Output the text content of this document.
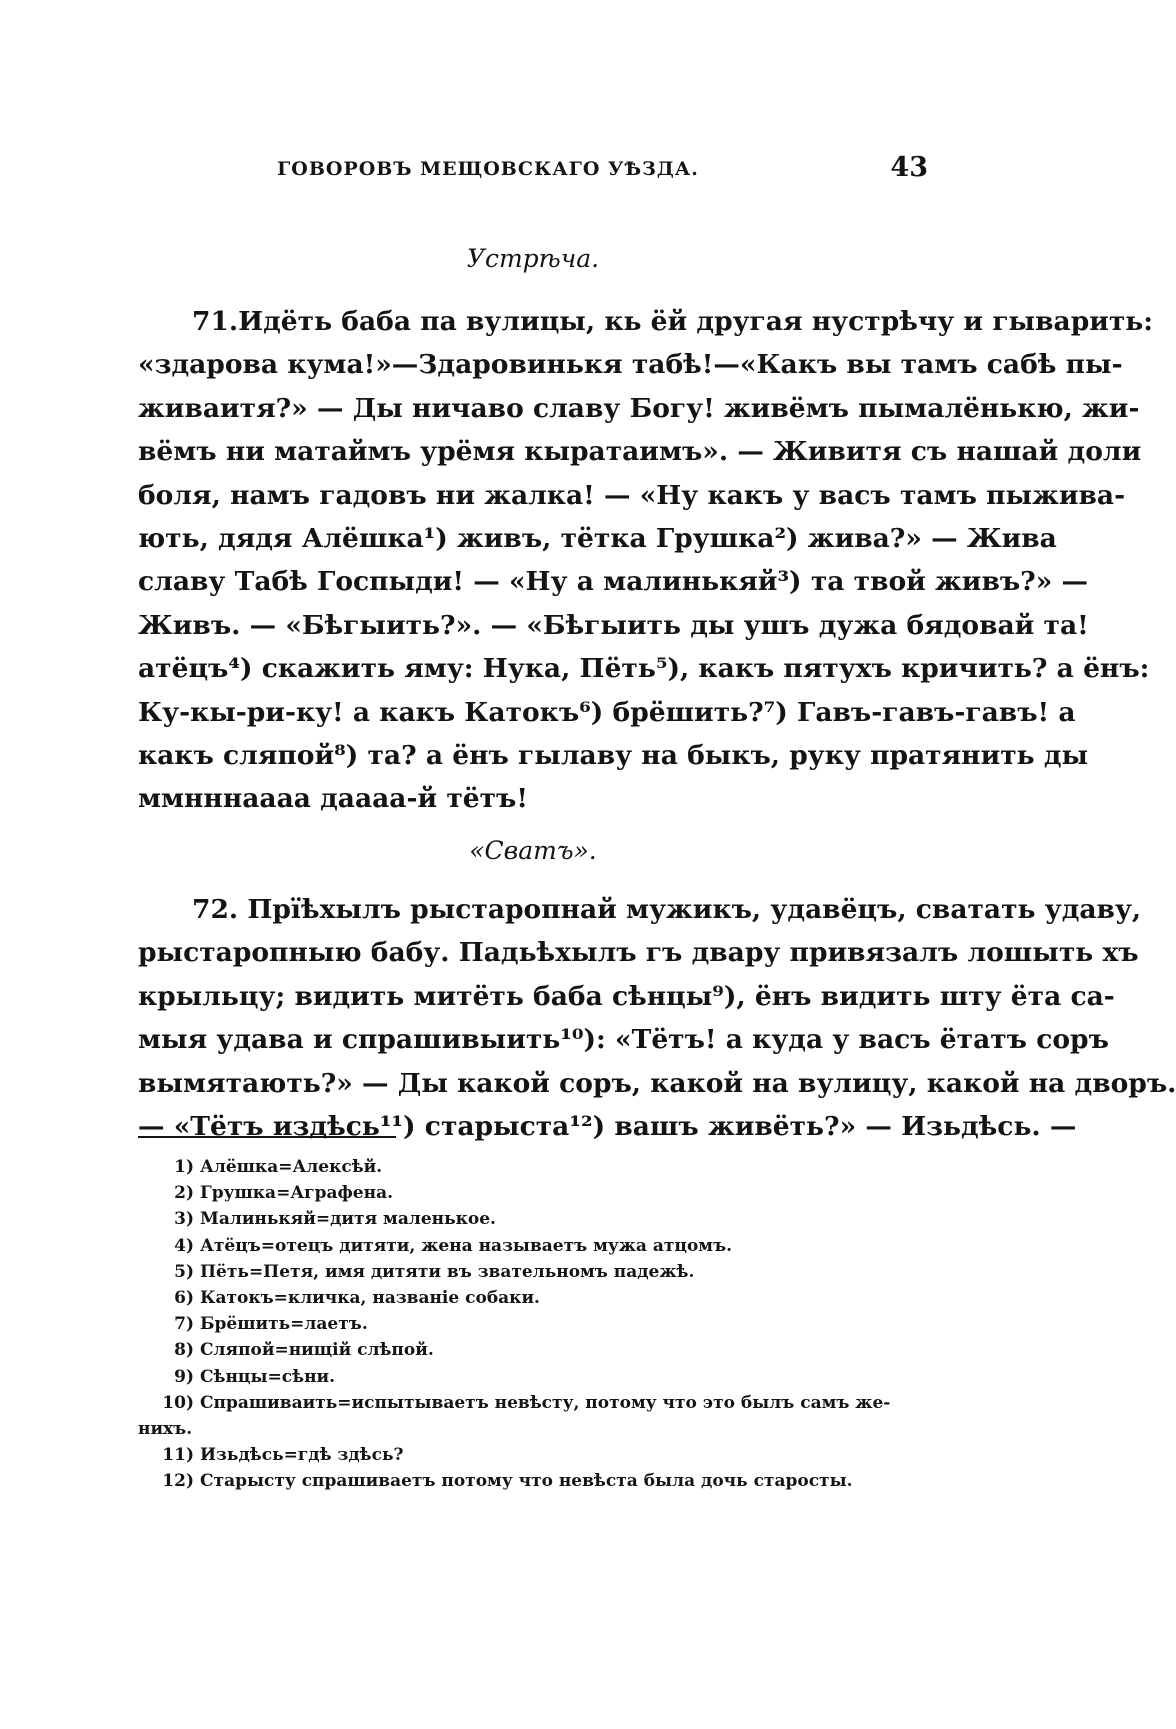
ГОВОРОВЪ МЕЩОВСКАГО УѢЗДА.	43
Устрѣча.
71.Идёть баба па вулицы, кь ёй другая нустрѣчу и гыварить:
«здарова кума!»—Здаровинькя табѣ!—«Какъ вы тамъ сабѣ пы-
живаитя?» — Ды ничаво славу Богу! живёмъ пымалёнькю, жи-
вёмъ ни матаймъ урёмя кыратаимъ». — Живитя съ нашай доли
боля, намъ гадовъ ни жалка! — «Ну какъ у васъ тамъ пыжива-
ють, дядя Алёшка¹) живъ, тётка Грушка²) жива?» — Жива
славу Табѣ Госпыди! — «Ну а малинькяй³) та твой живъ?» —
Живъ. — «Бѣгыить?». — «Бѣгыить ды ушъ дужа бядовай та!
атёцъ⁴) скажить яму: Нука, Пёть⁵), какъ пятухъ кричить? а ёнъ:
Ку-кы-ри-ку! а какъ Катокъ⁶) брёшить?⁷) Гавъ-гавъ-гавъ! а
какъ сляпой⁸) та? а ёнъ гылаву на быкъ, руку пратянить ды
ммнннааaa дaaaа-й тётъ!
«Сватъ».
72. Прïѣхылъ рыстаропнай мужикъ, удавёцъ, сватать удаву,
рыстаропныю бабу. Падьѣхылъ гъ двару привязалъ лошыть хъ
крыльцу; видить митёть баба сѣнцы⁹), ёнъ видить шту ёта са-
мыя удава и спрашивыить¹⁰): «Тётъ! а куда у васъ ётатъ соръ
вымятають?» — Ды какой соръ, какой на вулицу, какой на дворъ.
— «Тётъ издѣсь¹¹) старыста¹²) вашъ живёть?» — Изьдѣсь. —
1) Алёшка=Алексѣй.
2) Грушка=Аграфена.
3) Малинькяй=дитя маленькое.
4) Атёцъ=отецъ дитяти, жена называетъ мужа атцомъ.
5) Пёть=Петя, имя дитяти въ звательномъ падежѣ.
6) Катокъ=кличка, названіе собаки.
7) Брёшить=лаетъ.
8) Сляпой=нищій слѣпой.
9) Сѣнцы=сѣни.
10) Спрашиваить=испытываетъ невѣсту, потому что это былъ самъ же-
нихъ.
11) Изьдѣсь=гдѣ здѣсь?
12) Старысту спрашиваетъ потому что невѣста была дочь старосты.
